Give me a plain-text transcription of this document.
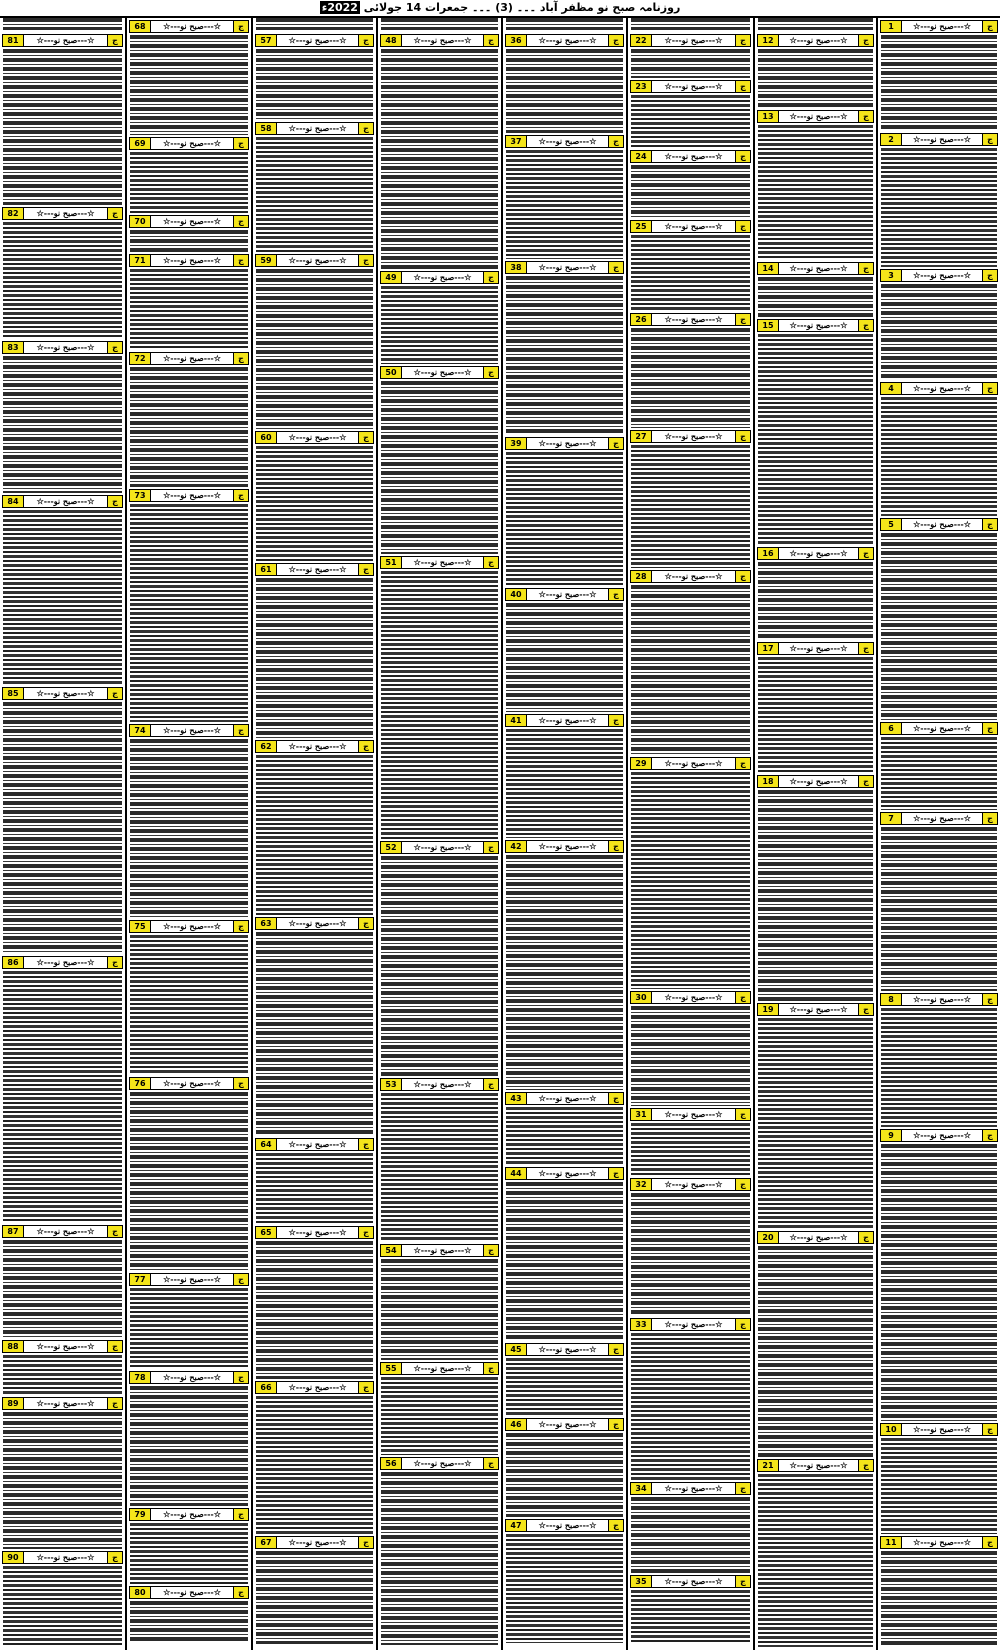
روزنامہ صبح نو مظفر آباد ۔۔۔ (3) ۔۔۔ جمعرات 14 جولائی 2022ء
1	☆---صبح نو---☆	ج
2	☆---صبح نو---☆	ج
3	☆---صبح نو---☆	ج
4	☆---صبح نو---☆	ج
5	☆---صبح نو---☆	ج
6	☆---صبح نو---☆	ج
7	☆---صبح نو---☆	ج
8	☆---صبح نو---☆	ج
9	☆---صبح نو---☆	ج
10	☆---صبح نو---☆	ج
11	☆---صبح نو---☆	ج
12	☆---صبح نو---☆	ج
13	☆---صبح نو---☆	ج
14	☆---صبح نو---☆	ج
15	☆---صبح نو---☆	ج
16	☆---صبح نو---☆	ج
17	☆---صبح نو---☆	ج
18	☆---صبح نو---☆	ج
19	☆---صبح نو---☆	ج
20	☆---صبح نو---☆	ج
21	☆---صبح نو---☆	ج
22	☆---صبح نو---☆	ج
23	☆---صبح نو---☆	ج
24	☆---صبح نو---☆	ج
25	☆---صبح نو---☆	ج
26	☆---صبح نو---☆	ج
27	☆---صبح نو---☆	ج
28	☆---صبح نو---☆	ج
29	☆---صبح نو---☆	ج
30	☆---صبح نو---☆	ج
31	☆---صبح نو---☆	ج
32	☆---صبح نو---☆	ج
33	☆---صبح نو---☆	ج
34	☆---صبح نو---☆	ج
35	☆---صبح نو---☆	ج
36	☆---صبح نو---☆	ج
37	☆---صبح نو---☆	ج
38	☆---صبح نو---☆	ج
39	☆---صبح نو---☆	ج
40	☆---صبح نو---☆	ج
41	☆---صبح نو---☆	ج
42	☆---صبح نو---☆	ج
43	☆---صبح نو---☆	ج
44	☆---صبح نو---☆	ج
45	☆---صبح نو---☆	ج
46	☆---صبح نو---☆	ج
47	☆---صبح نو---☆	ج
48	☆---صبح نو---☆	ج
49	☆---صبح نو---☆	ج
50	☆---صبح نو---☆	ج
51	☆---صبح نو---☆	ج
52	☆---صبح نو---☆	ج
53	☆---صبح نو---☆	ج
54	☆---صبح نو---☆	ج
55	☆---صبح نو---☆	ج
56	☆---صبح نو---☆	ج
57	☆---صبح نو---☆	ج
58	☆---صبح نو---☆	ج
59	☆---صبح نو---☆	ج
60	☆---صبح نو---☆	ج
61	☆---صبح نو---☆	ج
62	☆---صبح نو---☆	ج
63	☆---صبح نو---☆	ج
64	☆---صبح نو---☆	ج
65	☆---صبح نو---☆	ج
66	☆---صبح نو---☆	ج
67	☆---صبح نو---☆	ج
68	☆---صبح نو---☆	ج
69	☆---صبح نو---☆	ج
70	☆---صبح نو---☆	ج
71	☆---صبح نو---☆	ج
72	☆---صبح نو---☆	ج
73	☆---صبح نو---☆	ج
74	☆---صبح نو---☆	ج
75	☆---صبح نو---☆	ج
76	☆---صبح نو---☆	ج
77	☆---صبح نو---☆	ج
78	☆---صبح نو---☆	ج
79	☆---صبح نو---☆	ج
80	☆---صبح نو---☆	ج
81	☆---صبح نو---☆	ج
82	☆---صبح نو---☆	ج
83	☆---صبح نو---☆	ج
84	☆---صبح نو---☆	ج
85	☆---صبح نو---☆	ج
86	☆---صبح نو---☆	ج
87	☆---صبح نو---☆	ج
88	☆---صبح نو---☆	ج
89	☆---صبح نو---☆	ج
90	☆---صبح نو---☆	ج
